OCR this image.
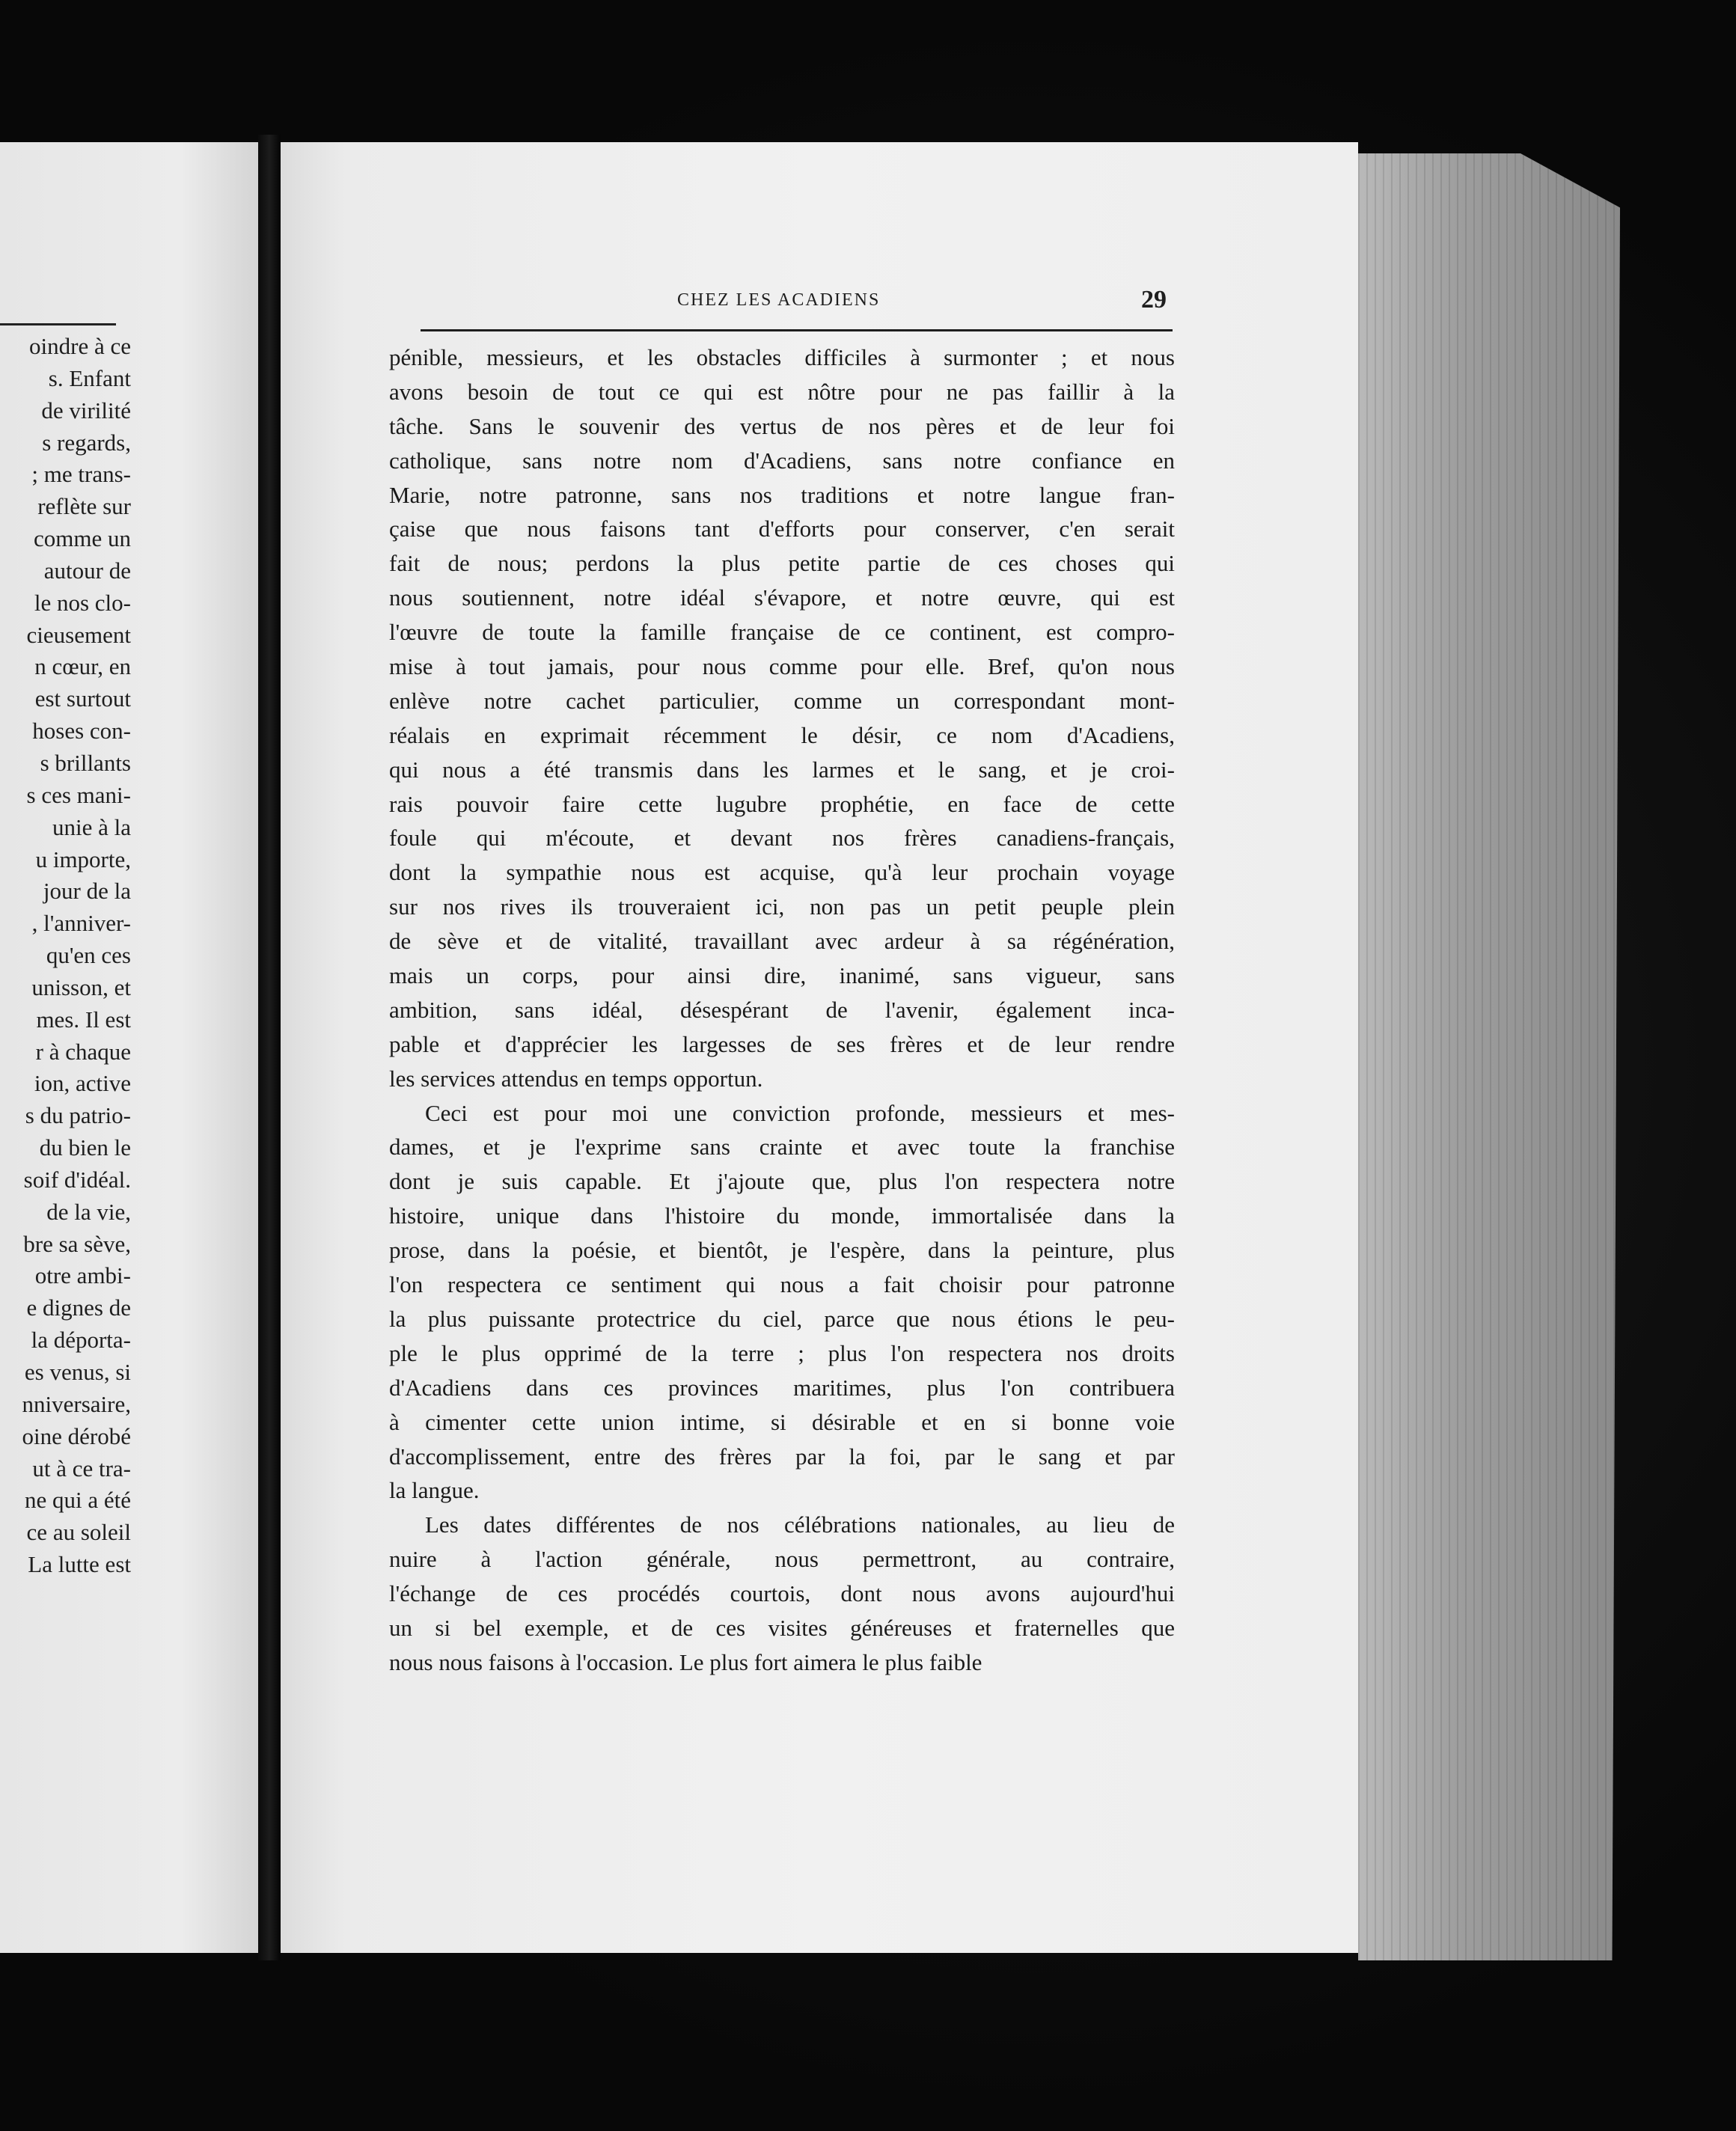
oindre à ce
s. Enfant
de virilité
s regards,
; me trans-
reflète sur
comme un
autour de
le nos clo-
cieusement
n cœur, en
est surtout
hoses con-
s brillants
s ces mani-
unie à la
u importe,
jour de la
, l'anniver-
qu'en ces
unisson, et
mes. Il est
r à chaque
ion, active
s du patrio-
du bien le
soif d'idéal.
de la vie,
bre sa sève,
otre ambi-
e dignes de
la déporta-
es venus, si
nniversaire,
oine dérobé
ut à ce tra-
ne qui a été
ce au soleil
La lutte est
CHEZ LES ACADIENS	29
pénible, messieurs, et les obstacles difficiles à surmonter ; et nous
avons besoin de tout ce qui est nôtre pour ne pas faillir à la
tâche. Sans le souvenir des vertus de nos pères et de leur foi
catholique, sans notre nom d'Acadiens, sans notre confiance en
Marie, notre patronne, sans nos traditions et notre langue fran-
çaise que nous faisons tant d'efforts pour conserver, c'en serait
fait de nous; perdons la plus petite partie de ces choses qui
nous soutiennent, notre idéal s'évapore, et notre œuvre, qui est
l'œuvre de toute la famille française de ce continent, est compro-
mise à tout jamais, pour nous comme pour elle. Bref, qu'on nous
enlève notre cachet particulier, comme un correspondant mont-
réalais en exprimait récemment le désir, ce nom d'Acadiens,
qui nous a été transmis dans les larmes et le sang, et je croi-
rais pouvoir faire cette lugubre prophétie, en face de cette
foule qui m'écoute, et devant nos frères canadiens-français,
dont la sympathie nous est acquise, qu'à leur prochain voyage
sur nos rives ils trouveraient ici, non pas un petit peuple plein
de sève et de vitalité, travaillant avec ardeur à sa régénération,
mais un corps, pour ainsi dire, inanimé, sans vigueur, sans
ambition, sans idéal, désespérant de l'avenir, également inca-
pable et d'apprécier les largesses de ses frères et de leur rendre
les services attendus en temps opportun.
Ceci est pour moi une conviction profonde, messieurs et mes-
dames, et je l'exprime sans crainte et avec toute la franchise
dont je suis capable. Et j'ajoute que, plus l'on respectera notre
histoire, unique dans l'histoire du monde, immortalisée dans la
prose, dans la poésie, et bientôt, je l'espère, dans la peinture, plus
l'on respectera ce sentiment qui nous a fait choisir pour patronne
la plus puissante protectrice du ciel, parce que nous étions le peu-
ple le plus opprimé de la terre ; plus l'on respectera nos droits
d'Acadiens dans ces provinces maritimes, plus l'on contribuera
à cimenter cette union intime, si désirable et en si bonne voie
d'accomplissement, entre des frères par la foi, par le sang et par
la langue.
Les dates différentes de nos célébrations nationales, au lieu de
nuire à l'action générale, nous permettront, au contraire,
l'échange de ces procédés courtois, dont nous avons aujourd'hui
un si bel exemple, et de ces visites généreuses et fraternelles que
nous nous faisons à l'occasion. Le plus fort aimera le plus faible
